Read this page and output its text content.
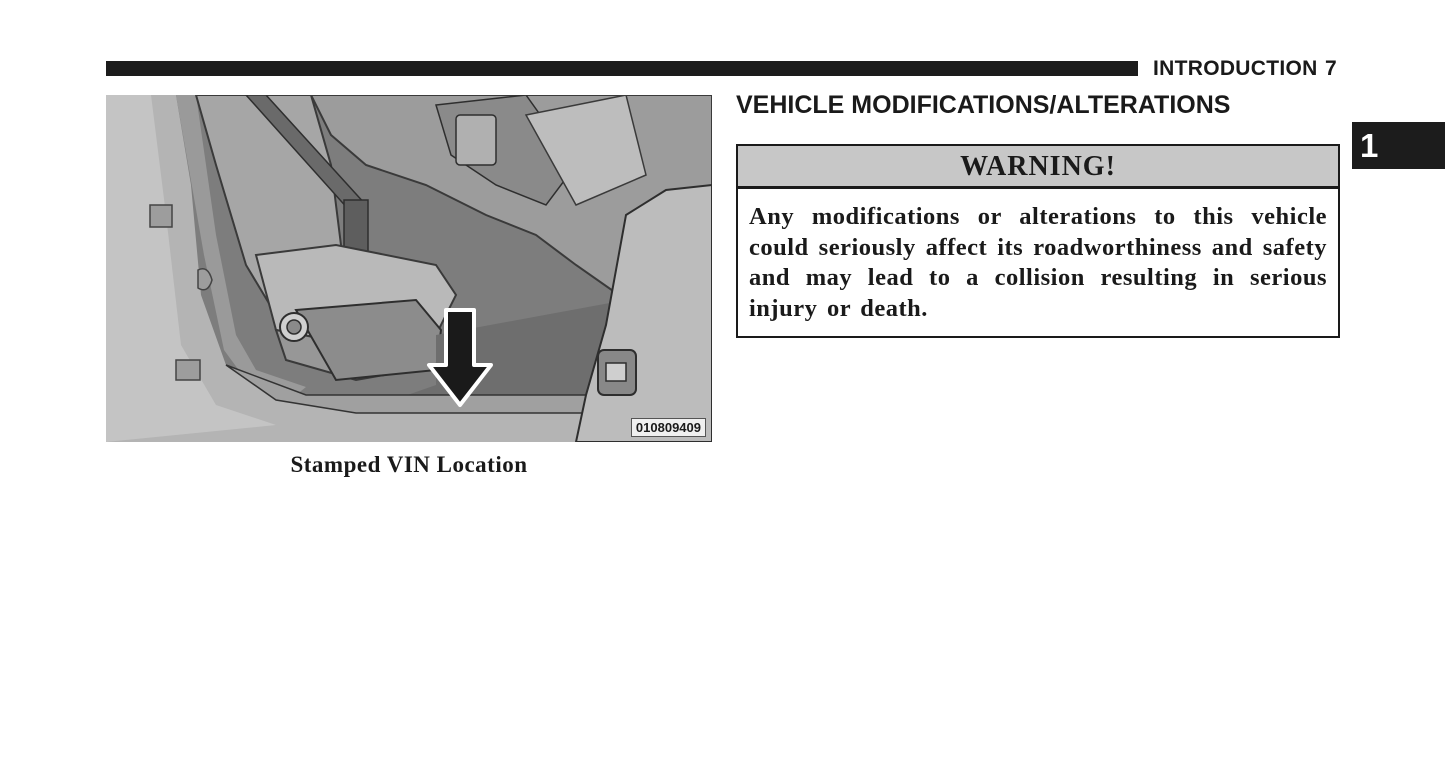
INTRODUCTION 7
1
010809409
Stamped VIN Location
VEHICLE MODIFICATIONS/ALTERATIONS
WARNING!
Any modifications or alterations to this vehicle could seriously affect its roadworthiness and safety and may lead to a collision resulting in serious injury or death.
